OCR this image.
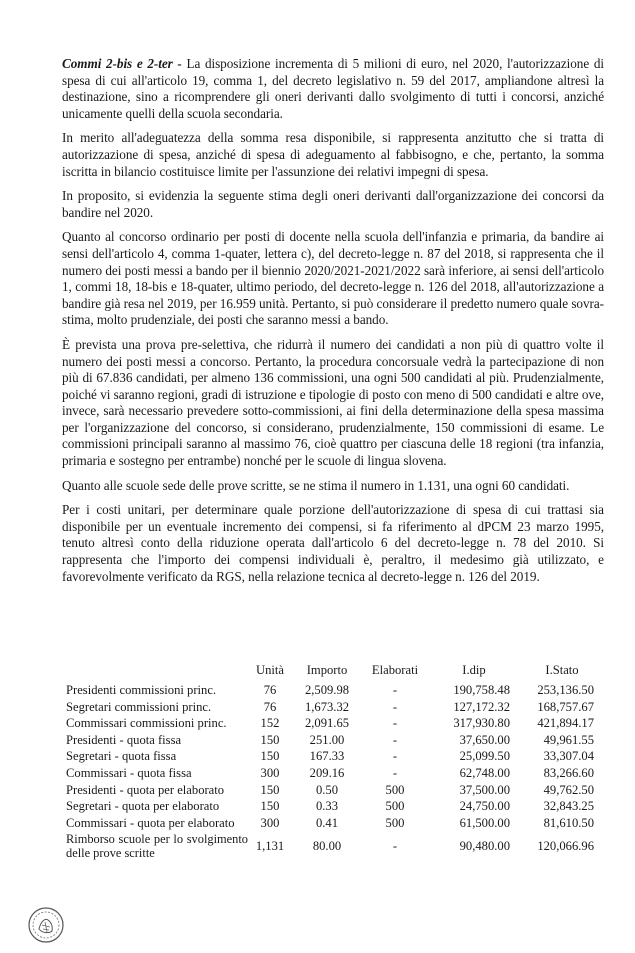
Commi 2-bis e 2-ter - La disposizione incrementa di 5 milioni di euro, nel 2020, l'autorizzazione di spesa di cui all'articolo 19, comma 1, del decreto legislativo n. 59 del 2017, ampliandone altresì la destinazione, sino a ricomprendere gli oneri derivanti dallo svolgimento di tutti i concorsi, anziché unicamente quelli della scuola secondaria.

In merito all'adeguatezza della somma resa disponibile, si rappresenta anzitutto che si tratta di autorizzazione di spesa, anziché di spesa di adeguamento al fabbisogno, e che, pertanto, la somma iscritta in bilancio costituisce limite per l'assunzione dei relativi impegni di spesa.

In proposito, si evidenzia la seguente stima degli oneri derivanti dall'organizzazione dei concorsi da bandire nel 2020.

Quanto al concorso ordinario per posti di docente nella scuola dell'infanzia e primaria, da bandire ai sensi dell'articolo 4, comma 1-quater, lettera c), del decreto-legge n. 87 del 2018, si rappresenta che il numero dei posti messi a bando per il biennio 2020/2021-2021/2022 sarà inferiore, ai sensi dell'articolo 1, commi 18, 18-bis e 18-quater, ultimo periodo, del decreto-legge n. 126 del 2018, all'autorizzazione a bandire già resa nel 2019, per 16.959 unità. Pertanto, si può considerare il predetto numero quale sovra-stima, molto prudenziale, dei posti che saranno messi a bando.

È prevista una prova pre-selettiva, che ridurrà il numero dei candidati a non più di quattro volte il numero dei posti messi a concorso. Pertanto, la procedura concorsuale vedrà la partecipazione di non più di 67.836 candidati, per almeno 136 commissioni, una ogni 500 candidati al più. Prudenzialmente, poiché vi saranno regioni, gradi di istruzione e tipologie di posto con meno di 500 candidati e altre ove, invece, sarà necessario prevedere sotto-commissioni, ai fini della determinazione della spesa massima per l'organizzazione del concorso, si considerano, prudenzialmente, 150 commissioni di esame. Le commissioni principali saranno al massimo 76, cioè quattro per ciascuna delle 18 regioni (tra infanzia, primaria e sostegno per entrambe) nonché per le scuole di lingua slovena.

Quanto alle scuole sede delle prove scritte, se ne stima il numero in 1.131, una ogni 60 candidati.

Per i costi unitari, per determinare quale porzione dell'autorizzazione di spesa di cui trattasi sia disponibile per un eventuale incremento dei compensi, si fa riferimento al dPCM 23 marzo 1995, tenuto altresì conto della riduzione operata dall'articolo 6 del decreto-legge n. 78 del 2010. Si rappresenta che l'importo dei compensi individuali è, peraltro, il medesimo già utilizzato, e favorevolmente verificato da RGS, nella relazione tecnica al decreto-legge n. 126 del 2019.

	Unità	Importo	Elaborati	I.dip	I.Stato
Presidenti commissioni princ.	76	2,509.98	-	190,758.48	253,136.50
Segretari commissioni princ.	76	1,673.32	-	127,172.32	168,757.67
Commissari commissioni princ.	152	2,091.65	-	317,930.80	421,894.17
Presidenti - quota fissa	150	251.00	-	37,650.00	49,961.55
Segretari - quota fissa	150	167.33	-	25,099.50	33,307.04
Commissari - quota fissa	300	209.16	-	62,748.00	83,266.60
Presidenti - quota per elaborato	150	0.50	500	37,500.00	49,762.50
Segretari - quota per elaborato	150	0.33	500	24,750.00	32,843.25
Commissari - quota per elaborato	300	0.41	500	61,500.00	81,610.50

Rimborso scuole per lo svolgimento delle prove scritte	1,131	80.00	-	90,480.00	120,066.96
